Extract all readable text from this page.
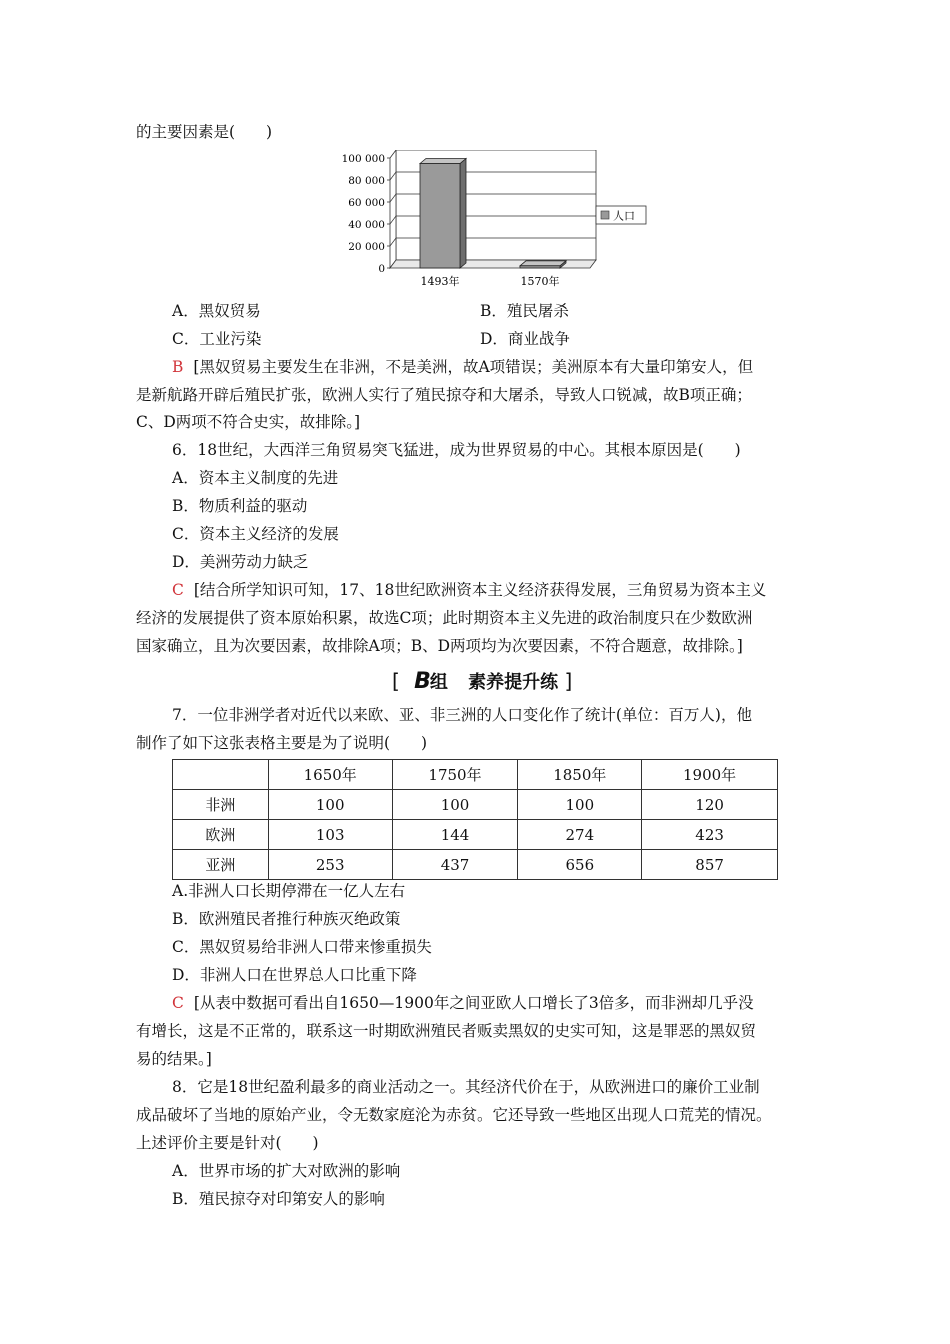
的主要因素是(　　)
100 000
80 000
60 000
40 000
20 000
0
1493年	1570年
人口
A．黑奴贸易	B．殖民屠杀
C．工业污染	D．商业战争
B [黑奴贸易主要发生在非洲，不是美洲，故A项错误；美洲原本有大量印第安人，但
是新航路开辟后殖民扩张，欧洲人实行了殖民掠夺和大屠杀，导致人口锐减，故B项正确；
C、D两项不符合史实，故排除。]
6．18世纪，大西洋三角贸易突飞猛进，成为世界贸易的中心。其根本原因是(　　)
A．资本主义制度的先进
B．物质利益的驱动
C．资本主义经济的发展
D．美洲劳动力缺乏
C [结合所学知识可知，17、18世纪欧洲资本主义经济获得发展，三角贸易为资本主义
经济的发展提供了资本原始积累，故选C项；此时期资本主义先进的政治制度只在少数欧洲
国家确立，且为次要因素，故排除A项；B、D两项均为次要因素，不符合题意，故排除。]
[ B组 素养提升练 ]
7．一位非洲学者对近代以来欧、亚、非三洲的人口变化作了统计(单位：百万人)，他
制作了如下这张表格主要是为了说明(　　)
	1650年	1750年	1850年	1900年
非洲	100	100	100	120
欧洲	103	144	274	423
亚洲	253	437	656	857
A.非洲人口长期停滞在一亿人左右
B．欧洲殖民者推行种族灭绝政策
C．黑奴贸易给非洲人口带来惨重损失
D．非洲人口在世界总人口比重下降
C [从表中数据可看出自1650—1900年之间亚欧人口增长了3倍多，而非洲却几乎没
有增长，这是不正常的，联系这一时期欧洲殖民者贩卖黑奴的史实可知，这是罪恶的黑奴贸
易的结果。]
8．它是18世纪盈利最多的商业活动之一。其经济代价在于，从欧洲进口的廉价工业制
成品破坏了当地的原始产业，令无数家庭沦为赤贫。它还导致一些地区出现人口荒芜的情况。
上述评价主要是针对(　　)
A．世界市场的扩大对欧洲的影响
B．殖民掠夺对印第安人的影响
